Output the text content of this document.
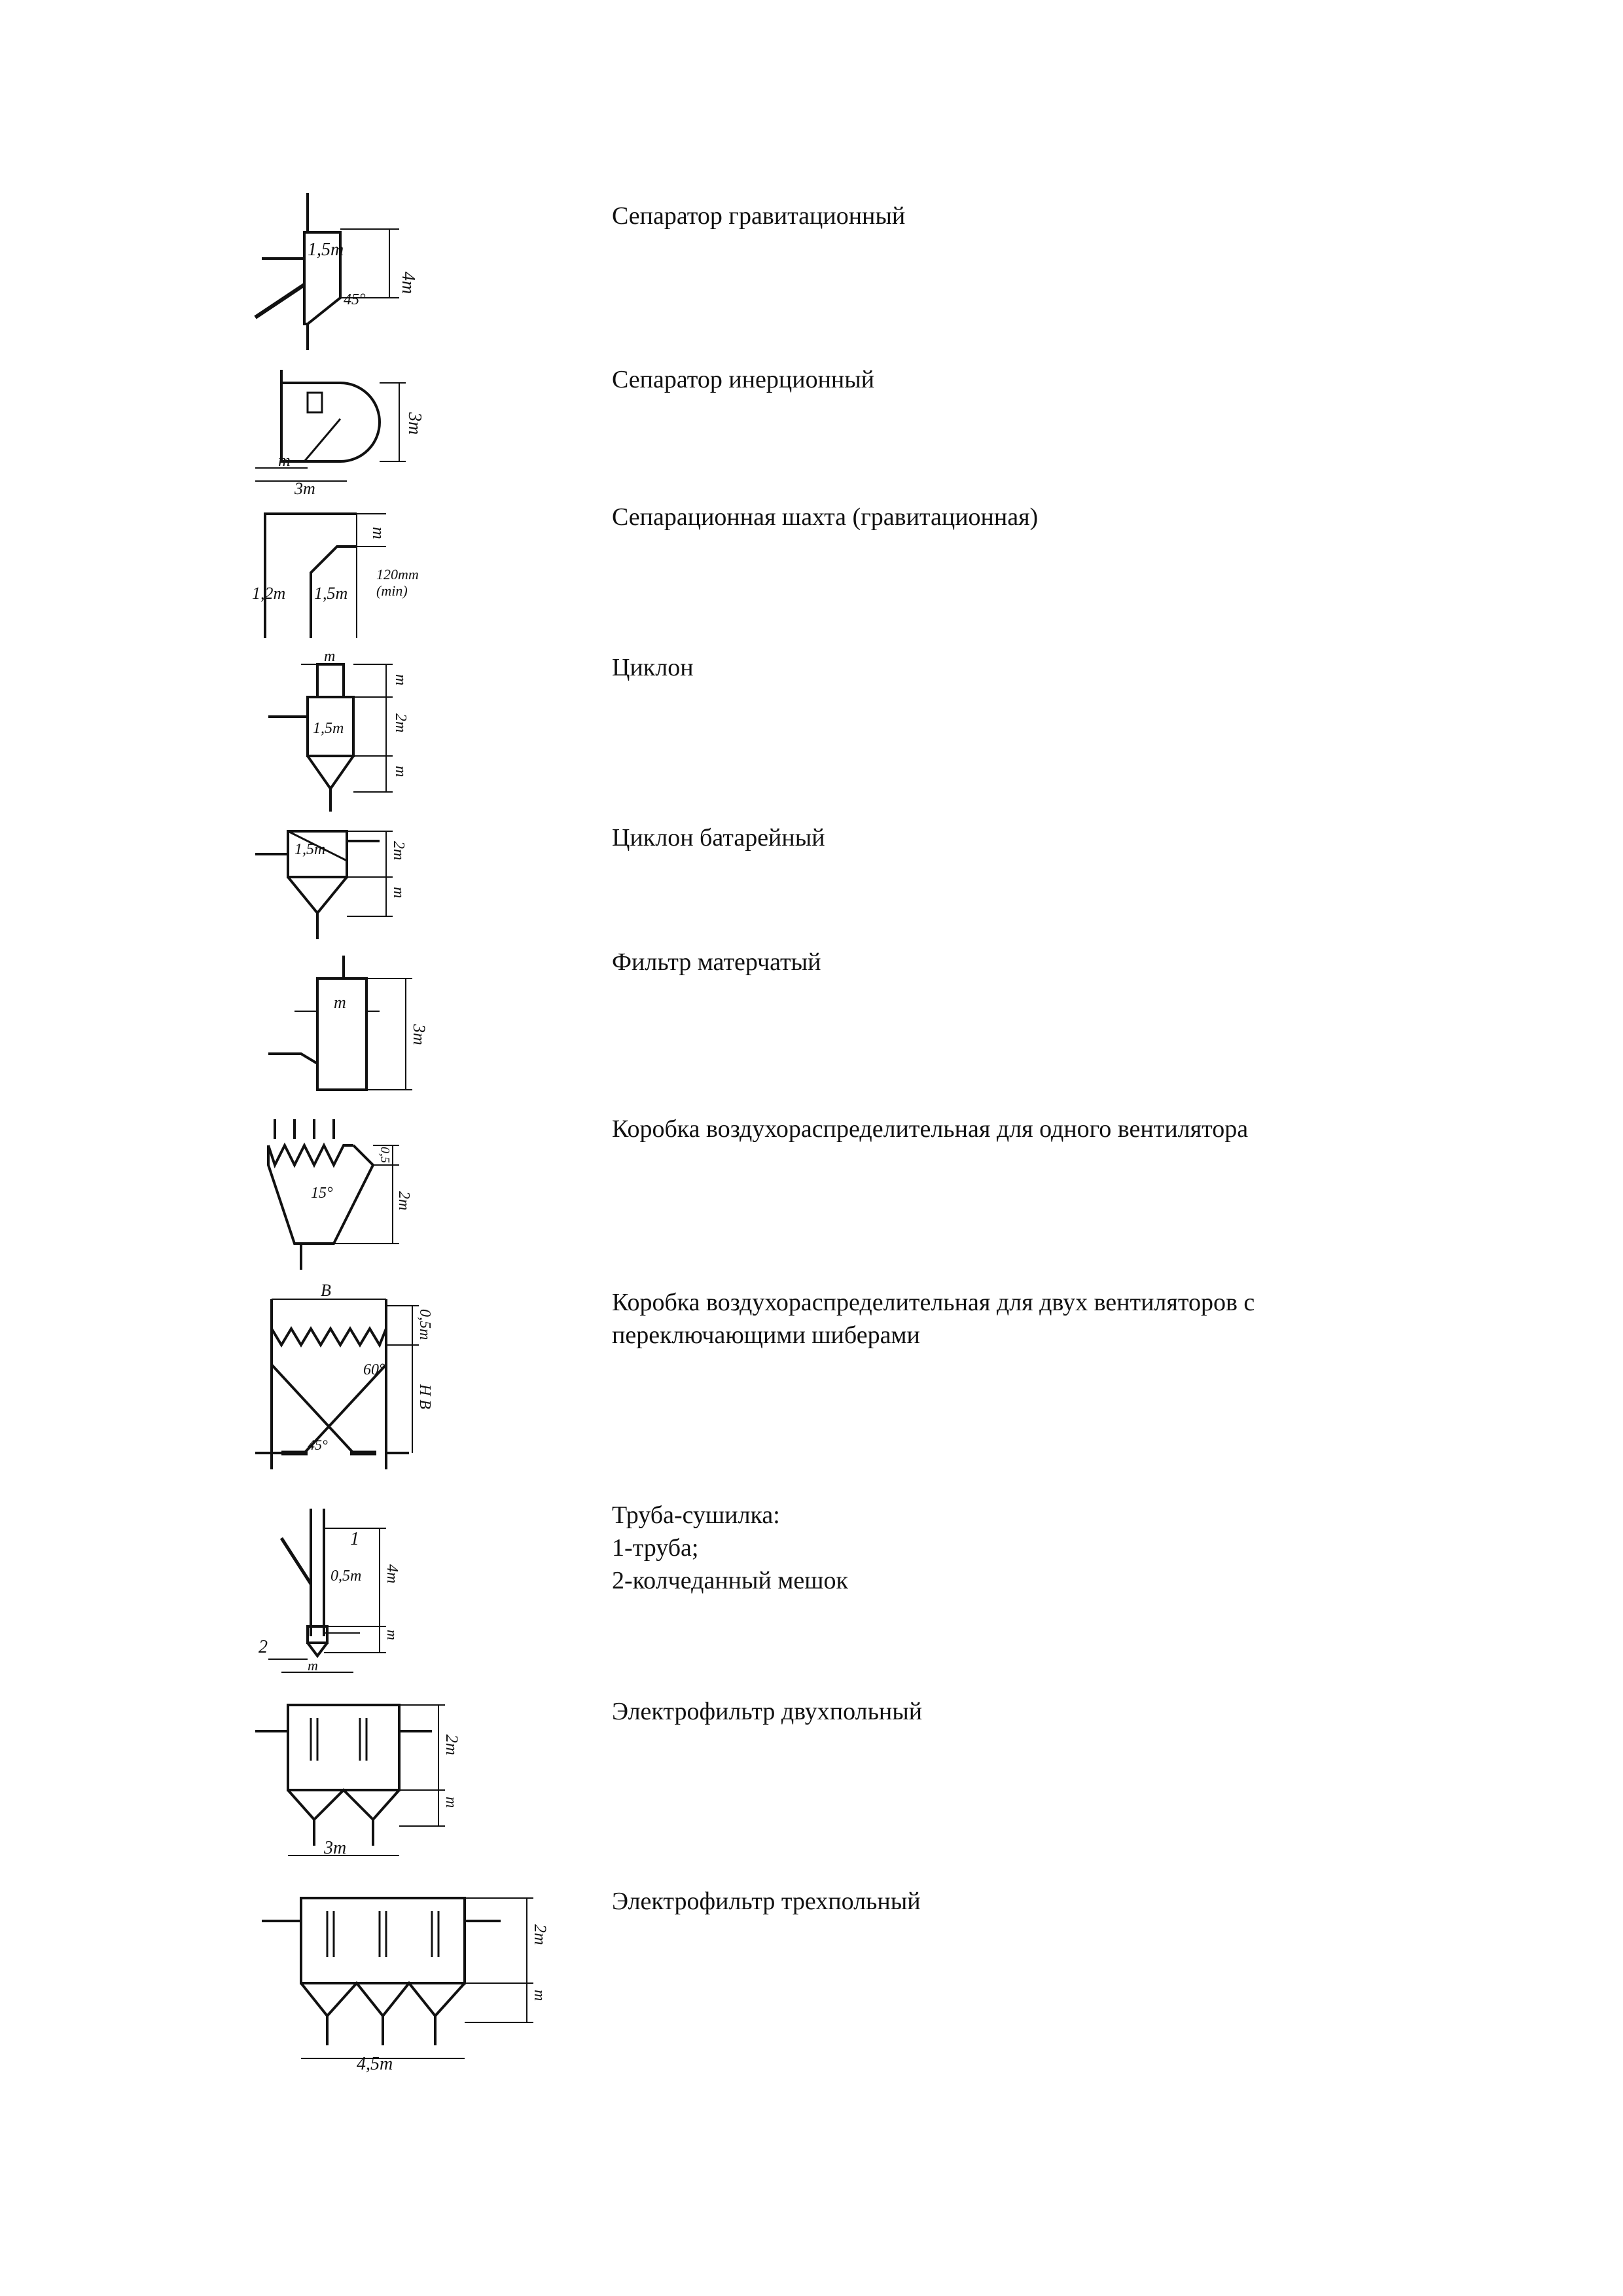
1,5m
45°
4m
Сепаратор гравитационный
3m
m
3m
Сепаратор инерционный
m
1,2m 1,5m
120mm
(min)
Сепарационная шахта (гравитационная)
m
m
1,5m	2m
m
Циклон
1,5m	2m
m
Циклон батарейный
m
3m
Фильтр матерчатый
15°
0,5
2m
Коробка воздухораспределительная для одного вентилятора
B
0,5m
60°
H B
45°
Коробка воздухораспределительная для двух вентиляторов с переключающими шиберами
1
0,5m 4m
m
2
m
Труба-сушилка:
1-труба;
2-колчеданный мешок
2m
m
3m
Электрофильтр двухпольный
2m
m
4,5m
Электрофильтр трехпольный
